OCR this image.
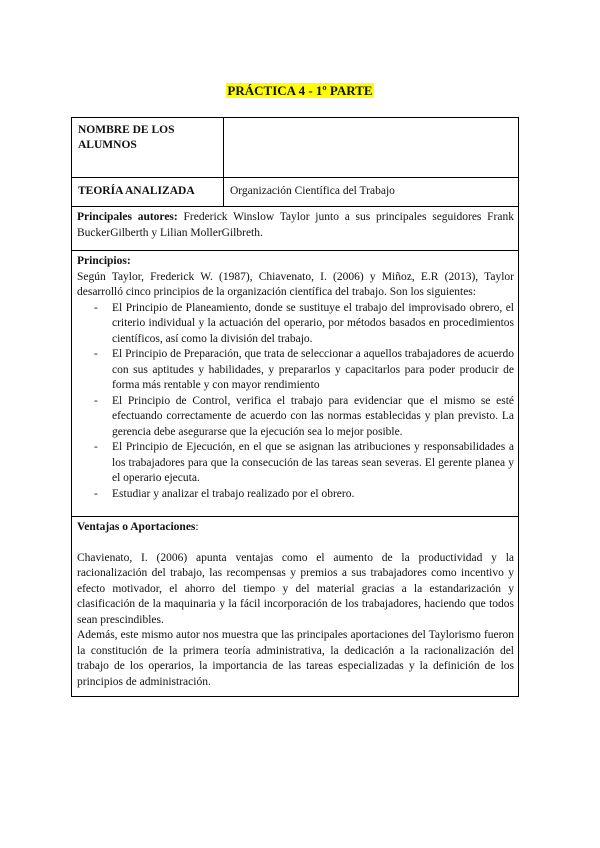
PRÁCTICA 4 - 1º PARTE
NOMBRE DE LOS ALUMNOS
TEORÍA ANALIZADA	Organización Científica del Trabajo
Principales autores: Frederick Winslow Taylor junto a sus principales seguidores Frank BuckerGilberth y Lilian MollerGilbreth.
Principios:
Según Taylor, Frederick W. (1987), Chiavenato, I. (2006) y Miñoz, E.R (2013), Taylor desarrolló cinco principios de la organización científica del trabajo. Son los siguientes:
- El Principio de Planeamiento, donde se sustituye el trabajo del improvisado obrero, el criterio individual y la actuación del operario, por métodos basados en procedimientos científicos, así como la división del trabajo.
- El Principio de Preparación, que trata de seleccionar a aquellos trabajadores de acuerdo con sus aptitudes y habilidades, y prepararlos y capacitarlos para poder producir de forma más rentable y con mayor rendimiento
- El Principio de Control, verifica el trabajo para evidenciar que el mismo se esté efectuando correctamente de acuerdo con las normas establecidas y plan previsto. La gerencia debe asegurarse que la ejecución sea lo mejor posible.
- El Principio de Ejecución, en el que se asignan las atribuciones y responsabilidades a los trabajadores para que la consecución de las tareas sean severas. El gerente planea y el operario ejecuta.
- Estudiar y analizar el trabajo realizado por el obrero.
Ventajas o Aportaciones:
Chavienato, I. (2006) apunta ventajas como el aumento de la productividad y la racionalización del trabajo, las recompensas y premios a sus trabajadores como incentivo y efecto motivador, el ahorro del tiempo y del material gracias a la estandarización y clasificación de la maquinaria y la fácil incorporación de los trabajadores, haciendo que todos sean prescindibles.
Además, este mismo autor nos muestra que las principales aportaciones del Taylorismo fueron la constitución de la primera teoría administrativa, la dedicación a la racionalización del trabajo de los operarios, la importancia de las tareas especializadas y la definición de los principios de administración.
